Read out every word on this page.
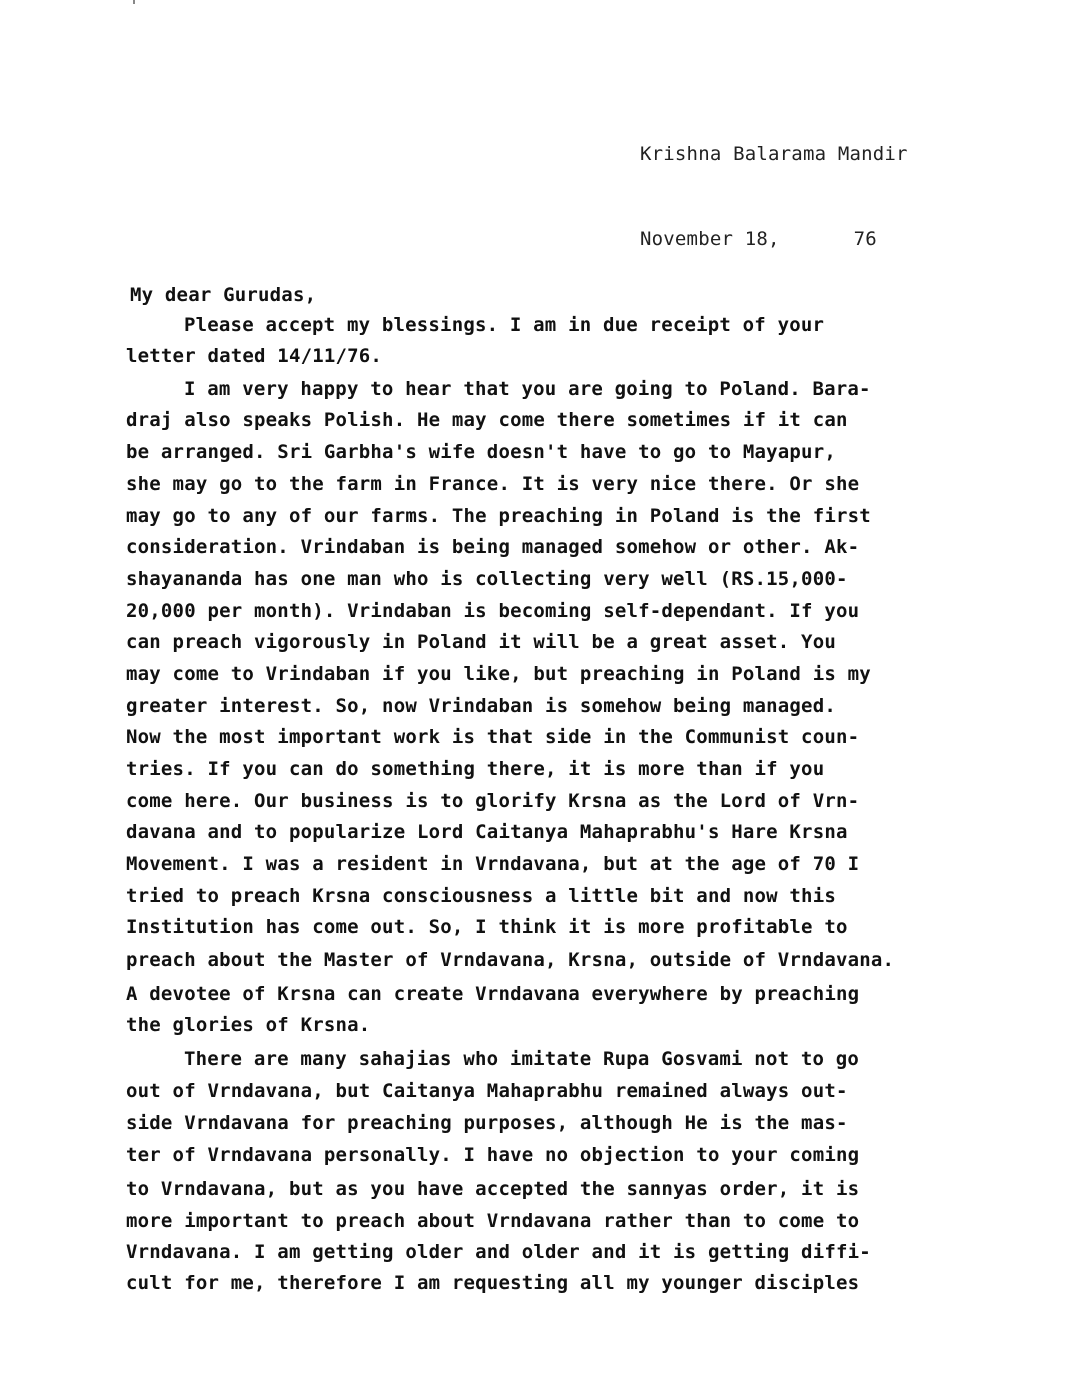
Krishna Balarama Mandir
November 18,	76
My dear Gurudas,
Please accept my blessings. I am in due receipt of your
letter dated 14/11/76.
I am very happy to hear that you are going to Poland. Bara-
draj also speaks Polish. He may come there sometimes if it can
be arranged. Sri Garbha's wife doesn't have to go to Mayapur,
she may go to the farm in France. It is very nice there. Or she
may go to any of our farms. The preaching in Poland is the first
consideration. Vrindaban is being managed somehow or other. Ak-
shayananda has one man who is collecting very well (RS.15,000-
20,000 per month). Vrindaban is becoming self-dependant. If you
can preach vigorously in Poland it will be a great asset. You
may come to Vrindaban if you like, but preaching in Poland is my
greater interest. So, now Vrindaban is somehow being managed.
Now the most important work is that side in the Communist coun-
tries. If you can do something there, it is more than if you
come here. Our business is to glorify Krsna as the Lord of Vrn-
davana and to popularize Lord Caitanya Mahaprabhu's Hare Krsna
Movement. I was a resident in Vrndavana, but at the age of 70 I
tried to preach Krsna consciousness a little bit and now this
Institution has come out. So, I think it is more profitable to
preach about the Master of Vrndavana, Krsna, outside of Vrndavana.
A devotee of Krsna can create Vrndavana everywhere by preaching
the glories of Krsna.
There are many sahajias who imitate Rupa Gosvami not to go
out of Vrndavana, but Caitanya Mahaprabhu remained always out-
side Vrndavana for preaching purposes, although He is the mas-
ter of Vrndavana personally. I have no objection to your coming
to Vrndavana, but as you have accepted the sannyas order, it is
more important to preach about Vrndavana rather than to come to
Vrndavana. I am getting older and older and it is getting diffi-
cult for me, therefore I am requesting all my younger disciples
